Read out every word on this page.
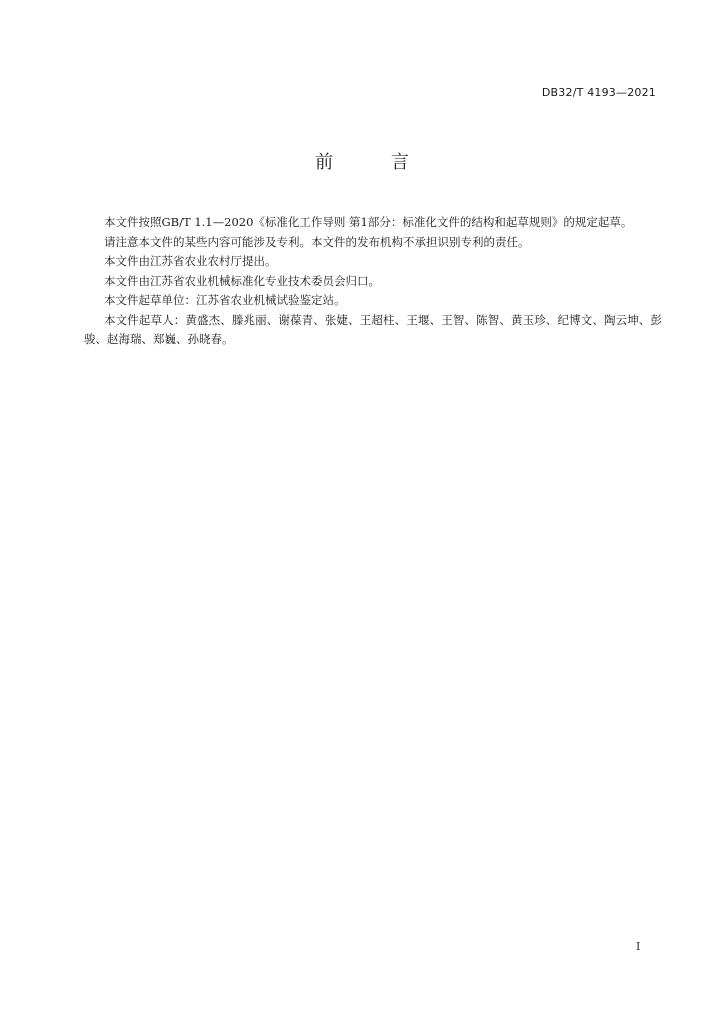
DB32/T 4193—2021
前 言

本文件按照GB/T 1.1—2020《标准化工作导则 第1部分：标准化文件的结构和起草规则》的规定起草。

请注意本文件的某些内容可能涉及专利。本文件的发布机构不承担识别专利的责任。

本文件由江苏省农业农村厅提出。

本文件由江苏省农业机械标准化专业技术委员会归口。

本文件起草单位：江苏省农业机械试验鉴定站。

本文件起草人：黄盛杰、滕兆丽、谢葆青、张婕、王超柱、王堰、王智、陈智、黄玉珍、纪博文、陶云坤、彭骏、赵海瑞、郑巍、孙晓春。

I
